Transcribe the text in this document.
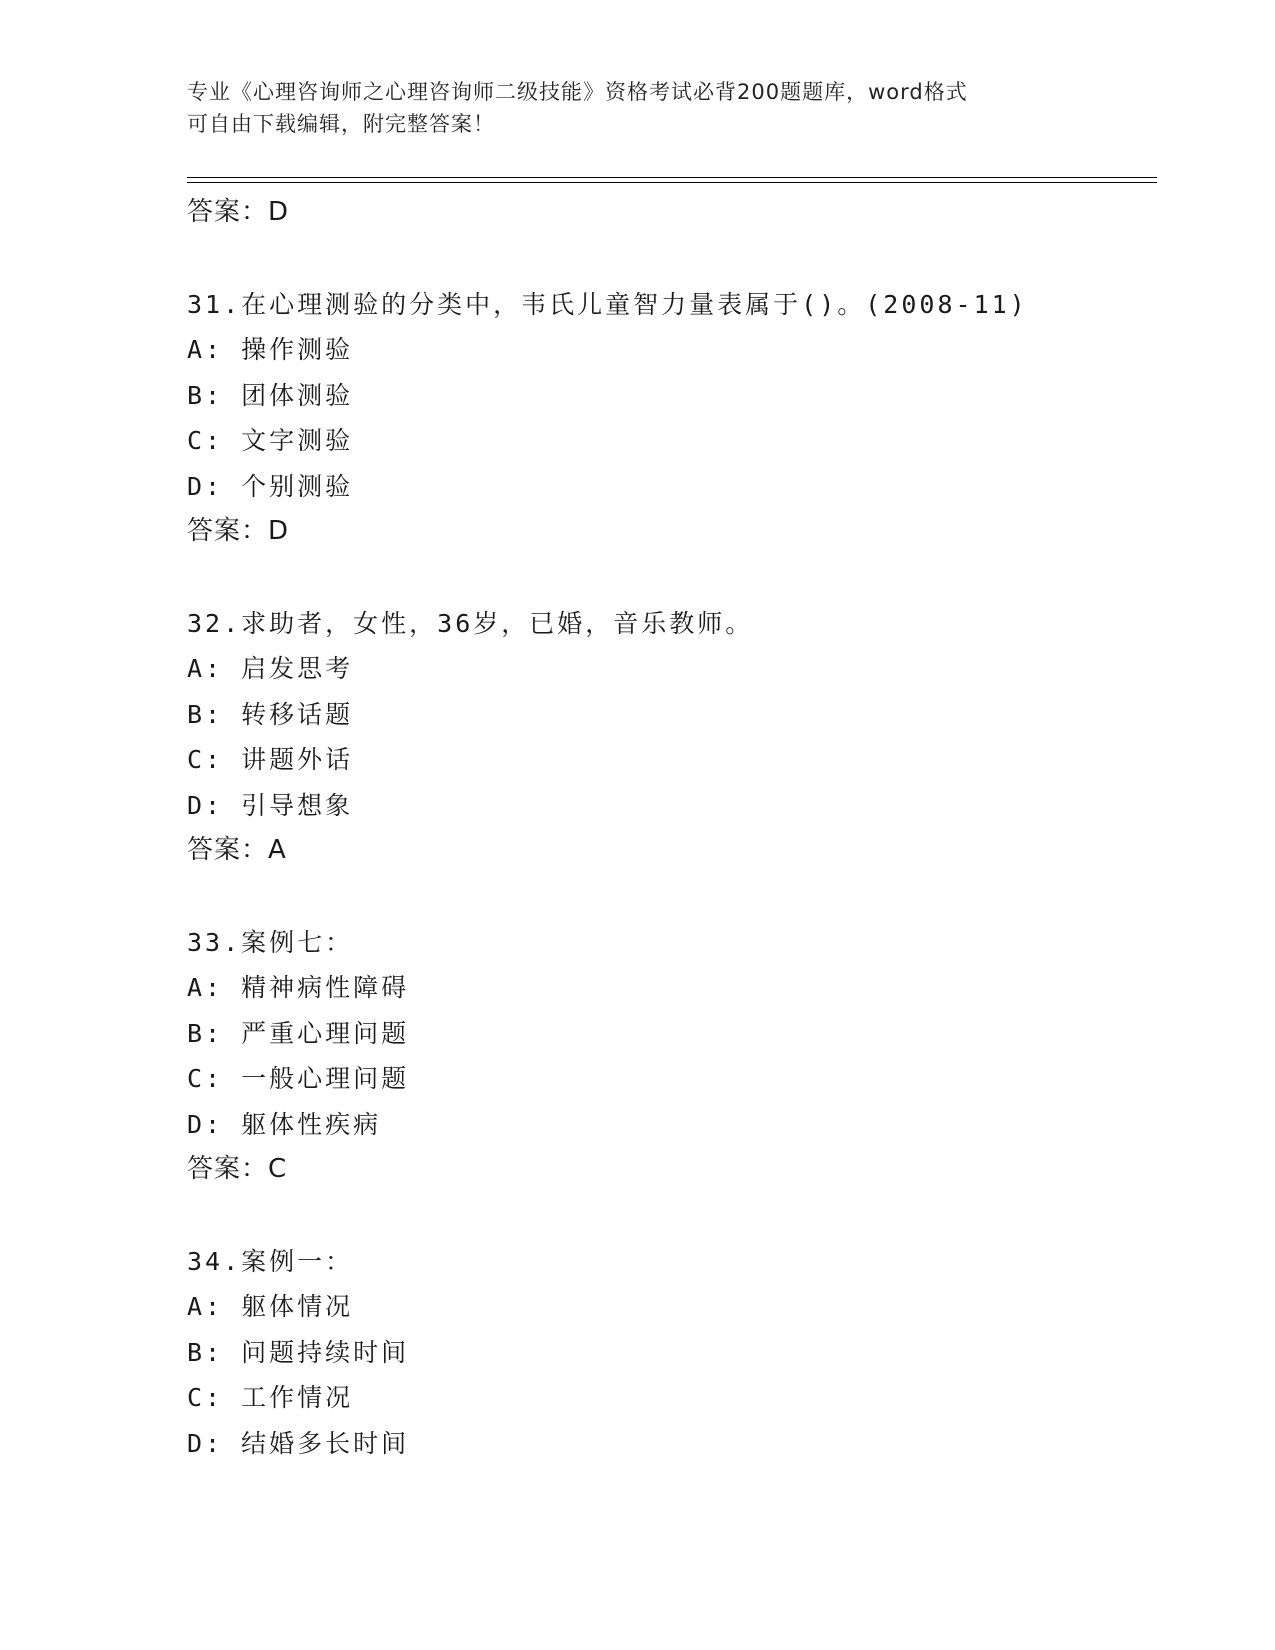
专业《心理咨询师之心理咨询师二级技能》资格考试必背200题题库，word格式
可自由下载编辑，附完整答案！
答案：D
31.在心理测验的分类中，韦氏儿童智力量表属于()。(2008-11)
A: 操作测验
B: 团体测验
C: 文字测验
D: 个别测验
答案：D
32.求助者，女性，36岁，已婚，音乐教师。
A: 启发思考
B: 转移话题
C: 讲题外话
D: 引导想象
答案：A
33.案例七：
A: 精神病性障碍
B: 严重心理问题
C: 一般心理问题
D: 躯体性疾病
答案：C
34.案例一：
A: 躯体情况
B: 问题持续时间
C: 工作情况
D: 结婚多长时间
